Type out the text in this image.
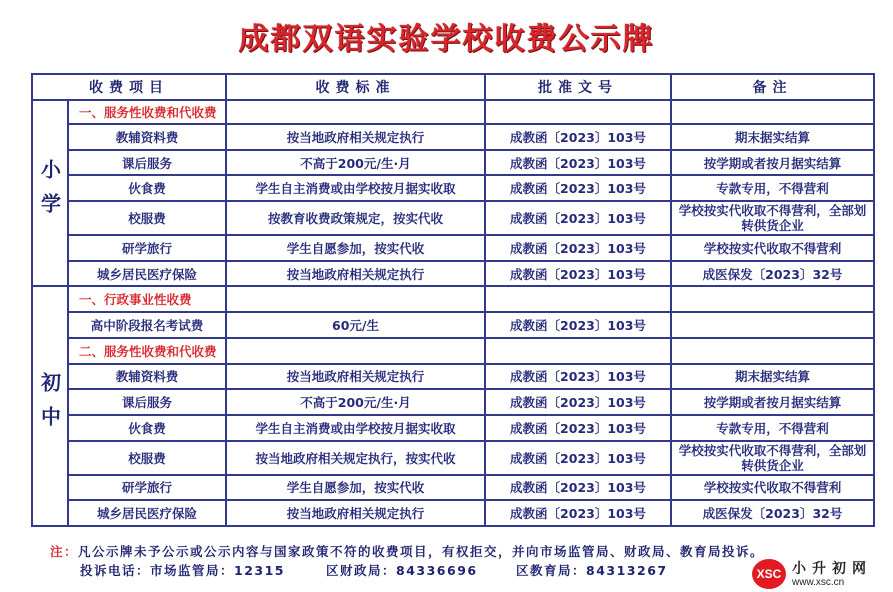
成都双语实验学校收费公示牌
收费项目		收费标准	批准文号	备注
小学	一、服务性收费和代收费			
	教辅资料费	按当地政府相关规定执行	成教函〔2023〕103号	期末据实结算
	课后服务	不高于200元/生·月	成教函〔2023〕103号	按学期或者按月据实结算
	伙食费	学生自主消费或由学校按月据实收取	成教函〔2023〕103号	专款专用，不得营利
	校服费	按教育收费政策规定，按实代收	成教函〔2023〕103号	学校按实代收取不得营利，全部划转供货企业
	研学旅行	学生自愿参加，按实代收	成教函〔2023〕103号	学校按实代收取不得营利
	城乡居民医疗保险	按当地政府相关规定执行	成教函〔2023〕103号	成医保发〔2023〕32号
初中	一、行政事业性收费			
	高中阶段报名考试费	60元/生	成教函〔2023〕103号	
	二、服务性收费和代收费			
	教辅资料费	按当地政府相关规定执行	成教函〔2023〕103号	期末据实结算
	课后服务	不高于200元/生·月	成教函〔2023〕103号	按学期或者按月据实结算
	伙食费	学生自主消费或由学校按月据实收取	成教函〔2023〕103号	专款专用，不得营利
	校服费	按当地政府相关规定执行，按实代收	成教函〔2023〕103号	学校按实代收取不得营利，全部划转供货企业
	研学旅行	学生自愿参加，按实代收	成教函〔2023〕103号	学校按实代收取不得营利
	城乡居民医疗保险	按当地政府相关规定执行	成教函〔2023〕103号	成医保发〔2023〕32号
注：凡公示牌未予公示或公示内容与国家政策不符的收费项目，有权拒交，并向市场监管局、财政局、教育局投诉。
投诉电话：市场监管局：12315	区财政局：84336696	区教育局：84313267	XSC 小升初网
www.xsc.cn
